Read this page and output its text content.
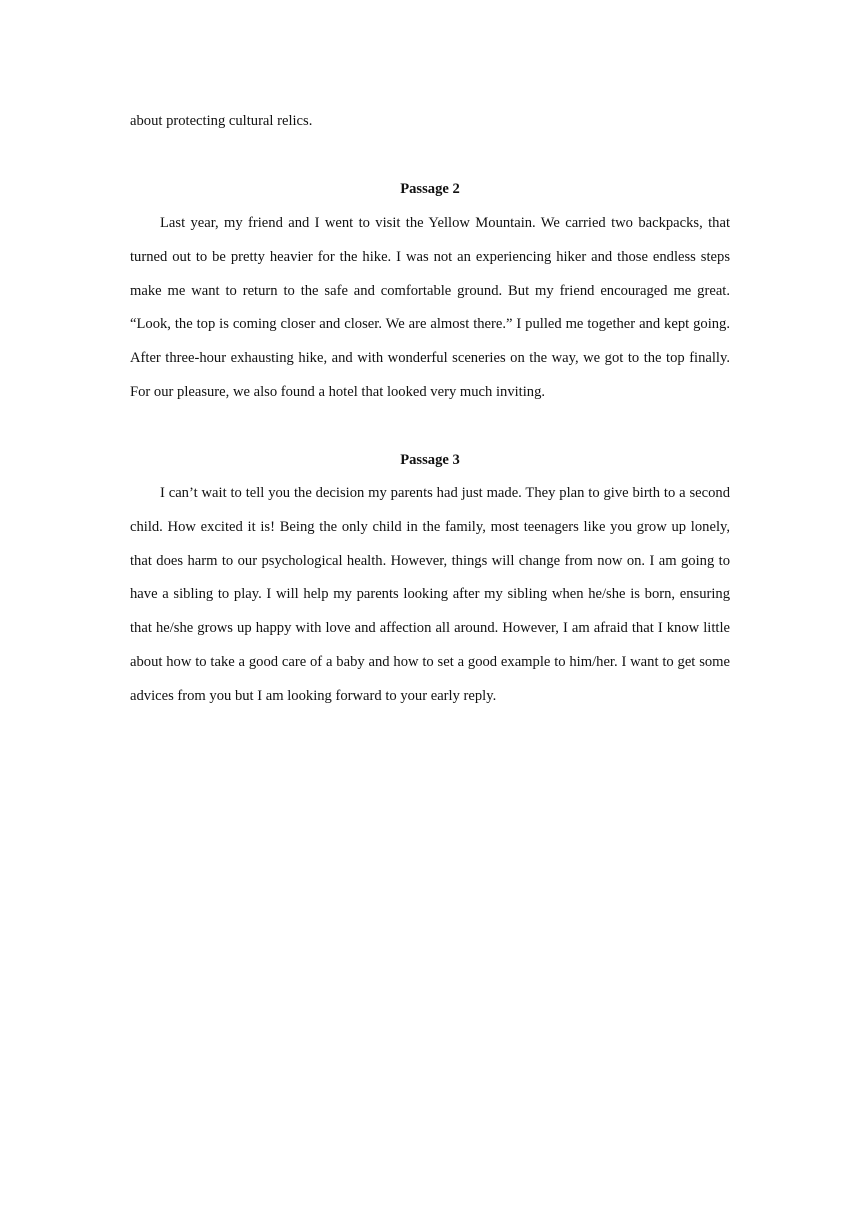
about protecting cultural relics.
Passage 2

Last year, my friend and I went to visit the Yellow Mountain. We carried two backpacks, that turned out to be pretty heavier for the hike. I was not an experiencing hiker and those endless steps make me want to return to the safe and comfortable ground. But my friend encouraged me great. “Look, the top is coming closer and closer. We are almost there.” I pulled me together and kept going. After three-hour exhausting hike, and with wonderful sceneries on the way, we got to the top finally. For our pleasure, we also found a hotel that looked very much inviting.

Passage 3

I can’t wait to tell you the decision my parents had just made. They plan to give birth to a second child. How excited it is! Being the only child in the family, most teenagers like you grow up lonely, that does harm to our psychological health. However, things will change from now on. I am going to have a sibling to play. I will help my parents looking after my sibling when he/she is born, ensuring that he/she grows up happy with love and affection all around. However, I am afraid that I know little about how to take a good care of a baby and how to set a good example to him/her. I want to get some advices from you but I am looking forward to your early reply.
